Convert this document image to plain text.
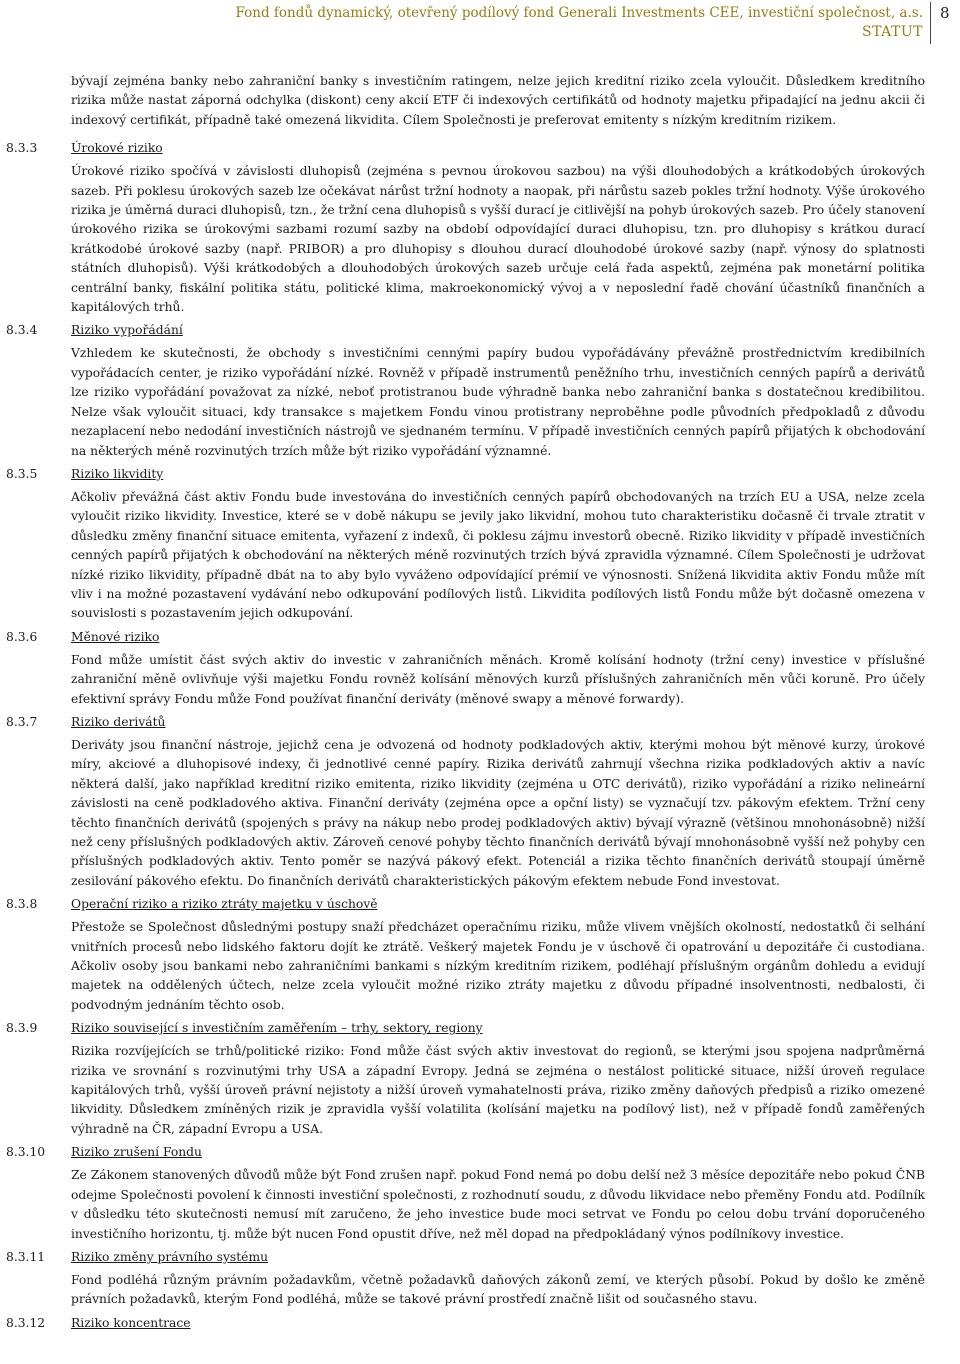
Fond fondů dynamický, otevřený podílový fond Generali Investments CEE, investiční společnost, a.s.
STATUT
8
bývají zejména banky nebo zahraniční banky s investičním ratingem, nelze jejich kreditní riziko zcela vyloučit. Důsledkem kreditního rizika může nastat záporná odchylka (diskont) ceny akcií ETF či indexových certifikátů od hodnoty majetku připadající na jednu akcii či indexový certifikát, případně také omezená likvidita. Cílem Společnosti je preferovat emitenty s nízkým kreditním rizikem.
8.3.3	Úrokové riziko
Úrokové riziko spočívá v závislosti dluhopisů (zejména s pevnou úrokovou sazbou) na výši dlouhodobých a krátkodobých úrokových sazeb. Při poklesu úrokových sazeb lze očekávat nárůst tržní hodnoty a naopak, při nárůstu sazeb pokles tržní hodnoty. Výše úrokového rizika je úměrná duraci dluhopisů, tzn., že tržní cena dluhopisů s vyšší durací je citlivější na pohyb úrokových sazeb. Pro účely stanovení úrokového rizika se úrokovými sazbami rozumí sazby na období odpovídající duraci dluhopisu, tzn. pro dluhopisy s krátkou durací krátkodobé úrokové sazby (např. PRIBOR) a pro dluhopisy s dlouhou durací dlouhodobé úrokové sazby (např. výnosy do splatnosti státních dluhopisů). Výši krátkodobých a dlouhodobých úrokových sazeb určuje celá řada aspektů, zejména pak monetární politika centrální banky, fiskální politika státu, politické klima, makroekonomický vývoj a v neposlední řadě chování účastníků finančních a kapitálových trhů.
8.3.4	Riziko vypořádání
Vzhledem ke skutečnosti, že obchody s investičními cennými papíry budou vypořádávány převážně prostřednictvím kredibilních vypořádacích center, je riziko vypořádání nízké. Rovněž v případě instrumentů peněžního trhu, investičních cenných papírů a derivátů lze riziko vypořádání považovat za nízké, neboť protistranou bude výhradně banka nebo zahraniční banka s dostatečnou kredibilitou. Nelze však vyloučit situaci, kdy transakce s majetkem Fondu vinou protistrany neproběhne podle původních předpokladů z důvodu nezaplacení nebo nedodání investičních nástrojů ve sjednaném termínu. V případě investičních cenných papírů přijatých k obchodování na některých méně rozvinutých trzích může být riziko vypořádání významné.
8.3.5	Riziko likvidity
Ačkoliv převážná část aktiv Fondu bude investována do investičních cenných papírů obchodovaných na trzích EU a USA, nelze zcela vyloučit riziko likvidity. Investice, které se v době nákupu se jevily jako likvidní, mohou tuto charakteristiku dočasně či trvale ztratit v důsledku změny finanční situace emitenta, vyřazení z indexů, či poklesu zájmu investorů obecně. Riziko likvidity v případě investičních cenných papírů přijatých k obchodování na některých méně rozvinutých trzích bývá zpravidla významné. Cílem Společnosti je udržovat nízké riziko likvidity, případně dbát na to aby bylo vyváženo odpovídající prémií ve výnosnosti. Snížená likvidita aktiv Fondu může mít vliv i na možné pozastavení vydávání nebo odkupování podílových listů. Likvidita podílových listů Fondu může být dočasně omezena v souvislosti s pozastavením jejich odkupování.
8.3.6	Měnové riziko
Fond může umístit část svých aktiv do investic v zahraničních měnách. Kromě kolísání hodnoty (tržní ceny) investice v příslušné zahraniční měně ovlivňuje výši majetku Fondu rovněž kolísání měnových kurzů příslušných zahraničních měn vůči koruně. Pro účely efektivní správy Fondu může Fond používat finanční deriváty (měnové swapy a měnové forwardy).
8.3.7	Riziko derivátů
Deriváty jsou finanční nástroje, jejichž cena je odvozená od hodnoty podkladových aktiv, kterými mohou být měnové kurzy, úrokové míry, akciové a dluhopisové indexy, či jednotlivé cenné papíry. Rizika derivátů zahrnují všechna rizika podkladových aktiv a navíc některá další, jako například kreditní riziko emitenta, riziko likvidity (zejména u OTC derivátů), riziko vypořádání a riziko nelineární závislosti na ceně podkladového aktiva. Finanční deriváty (zejména opce a opční listy) se vyznačují tzv. pákovým efektem. Tržní ceny těchto finančních derivátů (spojených s právy na nákup nebo prodej podkladových aktiv) bývají výrazně (většinou mnohonásobně) nižší než ceny příslušných podkladových aktiv. Zároveň cenové pohyby těchto finančních derivátů bývají mnohonásobně vyšší než pohyby cen příslušných podkladových aktiv. Tento poměr se nazývá pákový efekt. Potenciál a rizika těchto finančních derivátů stoupají úměrně zesilování pákového efektu. Do finančních derivátů charakteristických pákovým efektem nebude Fond investovat.
8.3.8	Operační riziko a riziko ztráty majetku v úschově
Přestože se Společnost důslednými postupy snaží předcházet operačnímu riziku, může vlivem vnějších okolností, nedostatků či selhání vnitřních procesů nebo lidského faktoru dojít ke ztrátě. Veškerý majetek Fondu je v úschově či opatrování u depozitáře či custodiana. Ačkoliv osoby jsou bankami nebo zahraničními bankami s nízkým kreditním rizikem, podléhají příslušným orgánům dohledu a evidují majetek na oddělených účtech, nelze zcela vyloučit možné riziko ztráty majetku z důvodu případné insolventnosti, nedbalosti, či podvodným jednáním těchto osob.
8.3.9	Riziko související s investičním zaměřením – trhy, sektory, regiony
Rizika rozvíjejících se trhů/politické riziko: Fond může část svých aktiv investovat do regionů, se kterými jsou spojena nadprůměrná rizika ve srovnání s rozvinutými trhy USA a západní Evropy. Jedná se zejména o nestálost politické situace, nižší úroveň regulace kapitálových trhů, vyšší úroveň právní nejistoty a nižší úroveň vymahatelnosti práva, riziko změny daňových předpisů a riziko omezené likvidity. Důsledkem zmíněných rizik je zpravidla vyšší volatilita (kolísání majetku na podílový list), než v případě fondů zaměřených výhradně na ČR, západní Evropu a USA.
8.3.10 Riziko zrušení Fondu
Ze Zákonem stanovených důvodů může být Fond zrušen např. pokud Fond nemá po dobu delší než 3 měsíce depozitáře nebo pokud ČNB odejme Společnosti povolení k činnosti investiční společnosti, z rozhodnutí soudu, z důvodu likvidace nebo přeměny Fondu atd. Podílník v důsledku této skutečnosti nemusí mít zaručeno, že jeho investice bude moci setrvat ve Fondu po celou dobu trvání doporučeného investičního horizontu, tj. může být nucen Fond opustit dříve, než měl dopad na předpokládaný výnos podílníkovy investice.
8.3.11 Riziko změny právního systému
Fond podléhá různým právním požadavkům, včetně požadavků daňových zákonů zemí, ve kterých působí. Pokud by došlo ke změně právních požadavků, kterým Fond podléhá, může se takové právní prostředí značně lišit od současného stavu.
8.3.12 Riziko koncentrace
